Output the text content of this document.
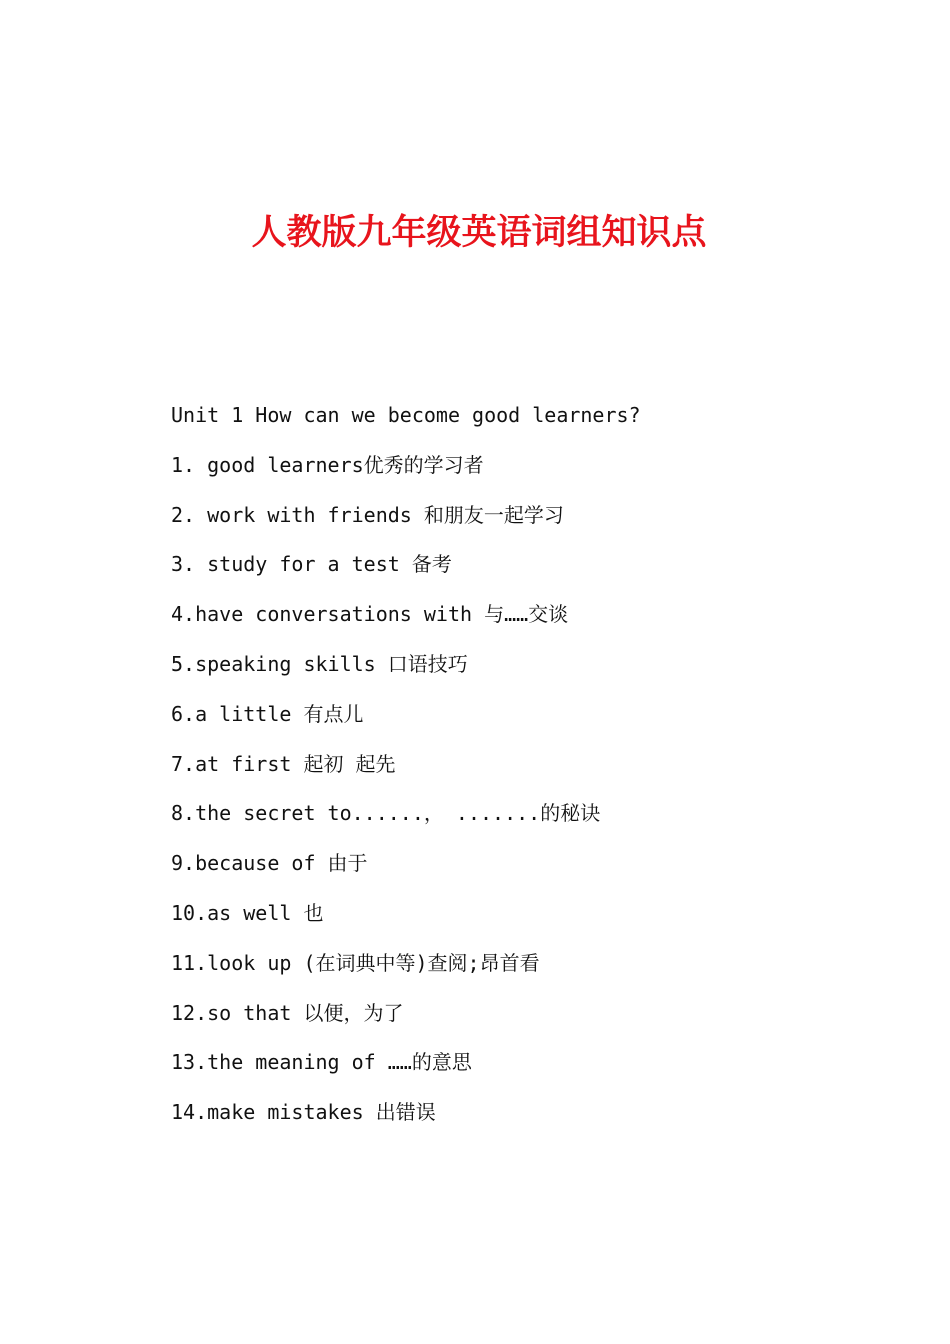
人教版九年级英语词组知识点

Unit 1 How can we become good learners?

1. good learners优秀的学习者

2. work with friends 和朋友一起学习

3. study for a test 备考

4.have conversations with 与……交谈

5.speaking skills 口语技巧

6.a little 有点儿

7.at first 起初 起先

8.the secret to......， .......的秘诀

9.because of 由于

10.as well 也

11.look up (在词典中等)查阅;昂首看

12.so that 以便，为了

13.the meaning of ……的意思

14.make mistakes 出错误
